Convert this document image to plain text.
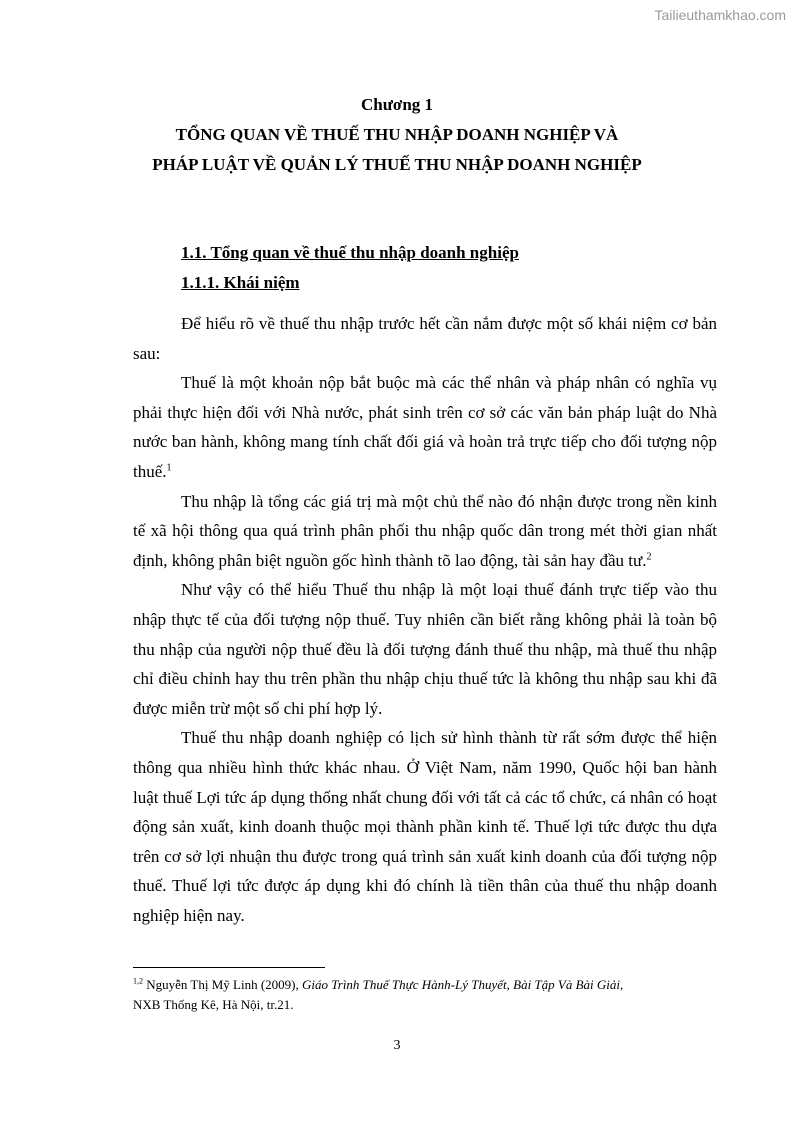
Tailieuthamkhao.com
Chương 1
TỔNG QUAN VỀ THUẾ THU NHẬP DOANH NGHIỆP VÀ
PHÁP LUẬT VỀ QUẢN LÝ THUẾ THU NHẬP DOANH NGHIỆP
1.1. Tổng quan về thuế thu nhập doanh nghiệp
1.1.1. Khái niệm

Để hiểu rõ về thuế thu nhập trước hết cần nắm được một số khái niệm cơ bản sau:

Thuế là một khoản nộp bắt buộc mà các thể nhân và pháp nhân có nghĩa vụ phải thực hiện đối với Nhà nước, phát sinh trên cơ sở các văn bản pháp luật do Nhà nước ban hành, không mang tính chất đối giá và hoàn trả trực tiếp cho đối tượng nộp thuế.$^1$

Thu nhập là tổng các giá trị mà một chủ thể nào đó nhận được trong nền kinh tế xã hội thông qua quá trình phân phối thu nhập quốc dân trong mét thời gian nhất định, không phân biệt nguồn gốc hình thành tõ lao động, tài sản hay đầu tư.$^2$

Như vậy có thể hiểu Thuế thu nhập là một loại thuế đánh trực tiếp vào thu nhập thực tế của đối tượng nộp thuế. Tuy nhiên cần biết rằng không phải là toàn bộ thu nhập của người nộp thuế đều là đối tượng đánh thuế thu nhập, mà thuế thu nhập chỉ điều chỉnh hay thu trên phần thu nhập chịu thuế tức là không thu nhập sau khi đã được miễn trừ một số chi phí hợp lý.

Thuế thu nhập doanh nghiệp có lịch sử hình thành từ rất sớm được thể hiện thông qua nhiều hình thức khác nhau. Ở Việt Nam, năm 1990, Quốc hội ban hành luật thuế Lợi tức áp dụng thống nhất chung đối với tất cả các tổ chức, cá nhân có hoạt động sản xuất, kinh doanh thuộc mọi thành phần kinh tế. Thuế lợi tức được thu dựa trên cơ sở lợi nhuận thu được trong quá trình sản xuất kinh doanh của đối tượng nộp thuế. Thuế lợi tức được áp dụng khi đó chính là tiền thân của thuế thu nhập doanh nghiệp hiện nay.

$^{1,2}$ Nguyễn Thị Mỹ Linh (2009), Giáo Trình Thuế Thực Hành-Lý Thuyết, Bài Tập Và Bài Giải,
NXB Thống Kê, Hà Nội, tr.21.
3
